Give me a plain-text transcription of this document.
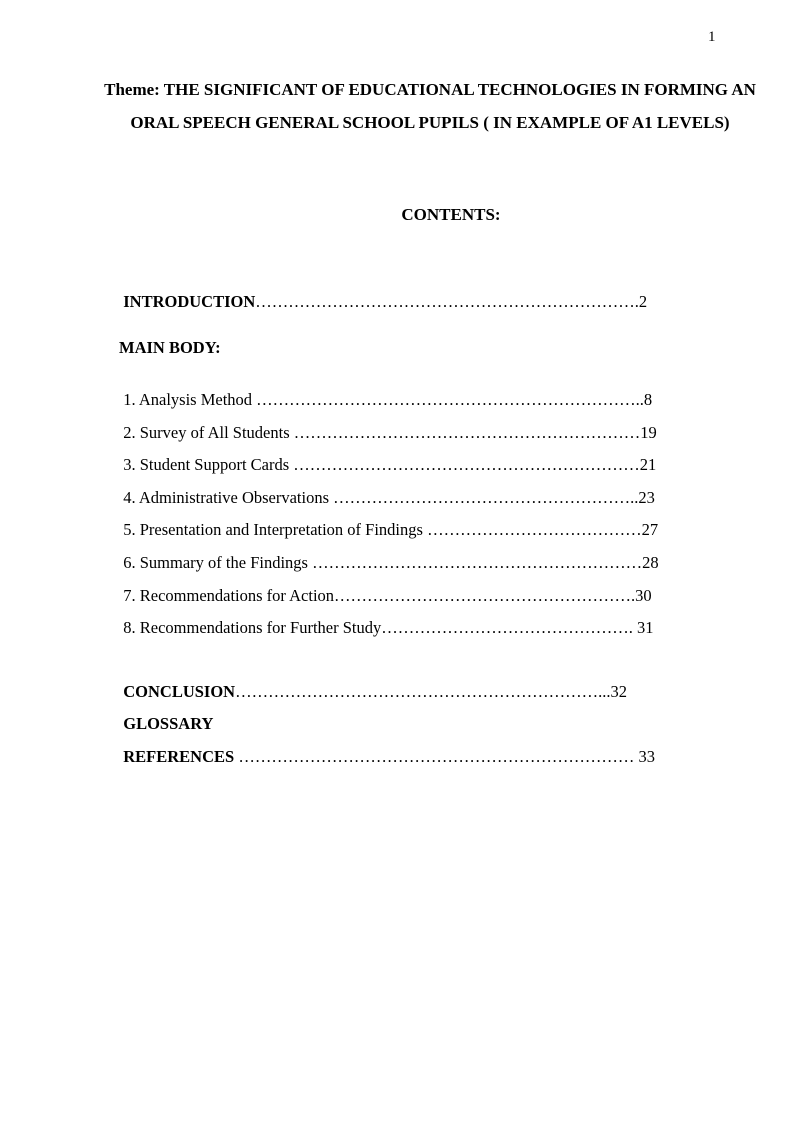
1
Theme: THE SIGNIFICANT OF EDUCATIONAL TECHNOLOGIES IN FORMING AN ORAL SPEECH GENERAL SCHOOL PUPILS ( IN EXAMPLE OF A1 LEVELS)
CONTENTS:

INTRODUCTION…………………………………………………………….2

MAIN BODY:

1. Analysis Method ……………………………………………………………..8

2. Survey of All Students ………………………………………………………19

3. Student Support Cards ………………………………………………………21

4. Administrative Observations ………………………………………………..23

5. Presentation and Interpretation of Findings …………………………………27

6. Summary of the Findings ……………………………………………………28

7. Recommendations for Action……………………………………………….30

8. Recommendations for Further Study………………………………………. 31

CONCLUSION…………………………………………………………...32

GLOSSARY

REFERENCES ……………………………………………………………… 33
